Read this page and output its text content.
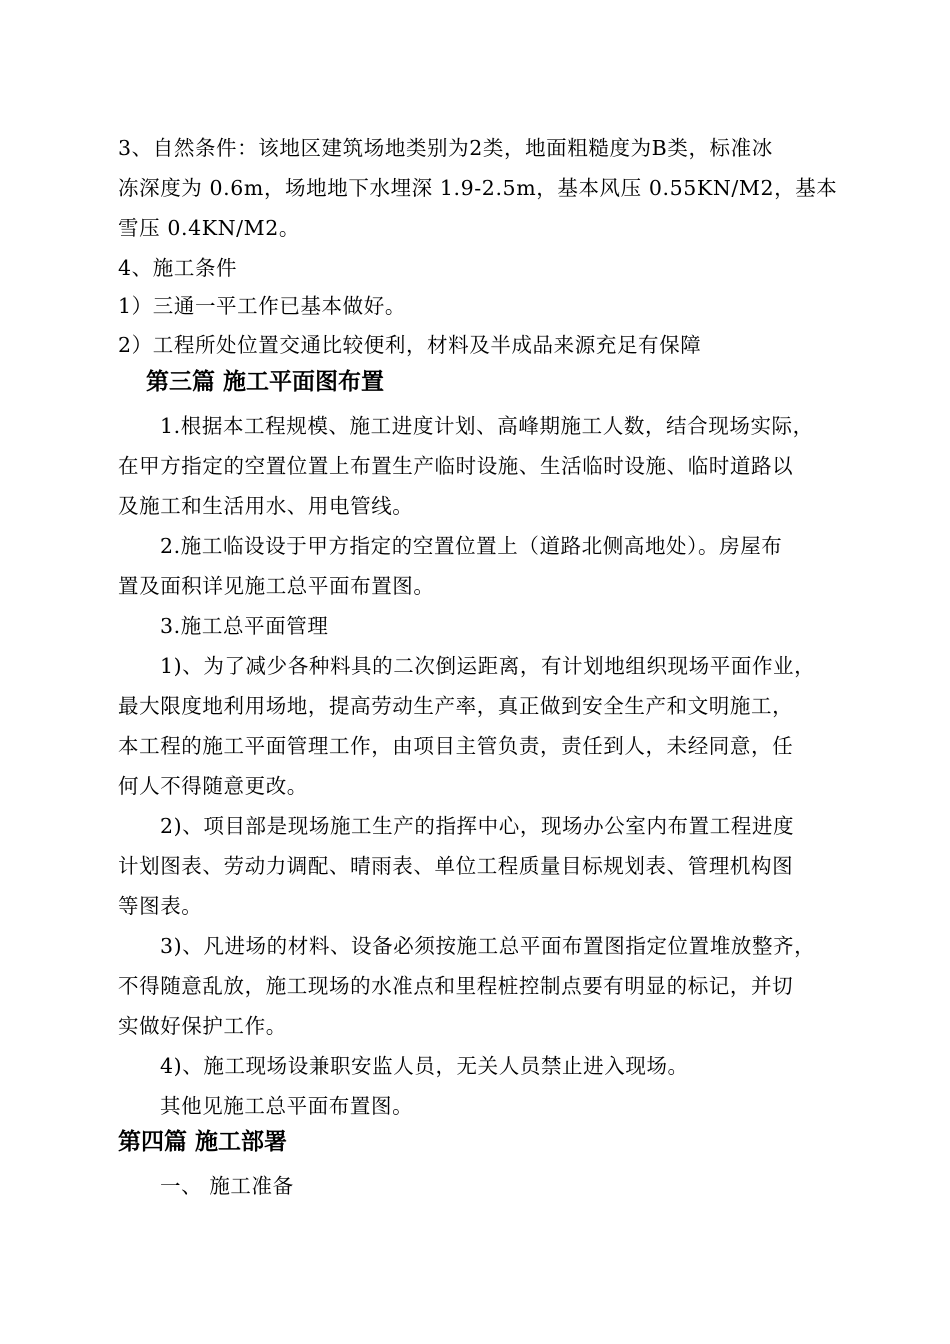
3、自然条件：该地区建筑场地类别为2类，地面粗糙度为B类，标准冰
冻深度为 0.6m，场地地下水埋深 1.9-2.5m，基本风压 0.55KN/M2，基本
雪压 0.4KN/M2。
4、施工条件
1）三通一平工作已基本做好。
2）工程所处位置交通比较便利，材料及半成品来源充足有保障
第三篇 施工平面图布置
1.根据本工程规模、施工进度计划、高峰期施工人数，结合现场实际，
在甲方指定的空置位置上布置生产临时设施、生活临时设施、临时道路以
及施工和生活用水、用电管线。
2.施工临设设于甲方指定的空置位置上（道路北侧高地处）。房屋布
置及面积详见施工总平面布置图。
3.施工总平面管理
1)、为了减少各种料具的二次倒运距离，有计划地组织现场平面作业，
最大限度地利用场地，提高劳动生产率，真正做到安全生产和文明施工，
本工程的施工平面管理工作，由项目主管负责，责任到人，未经同意，任
何人不得随意更改。
2)、项目部是现场施工生产的指挥中心，现场办公室内布置工程进度
计划图表、劳动力调配、晴雨表、单位工程质量目标规划表、管理机构图
等图表。
3)、凡进场的材料、设备必须按施工总平面布置图指定位置堆放整齐，
不得随意乱放，施工现场的水准点和里程桩控制点要有明显的标记，并切
实做好保护工作。
4)、施工现场设兼职安监人员，无关人员禁止进入现场。
其他见施工总平面布置图。
第四篇 施工部署
一、 施工准备
